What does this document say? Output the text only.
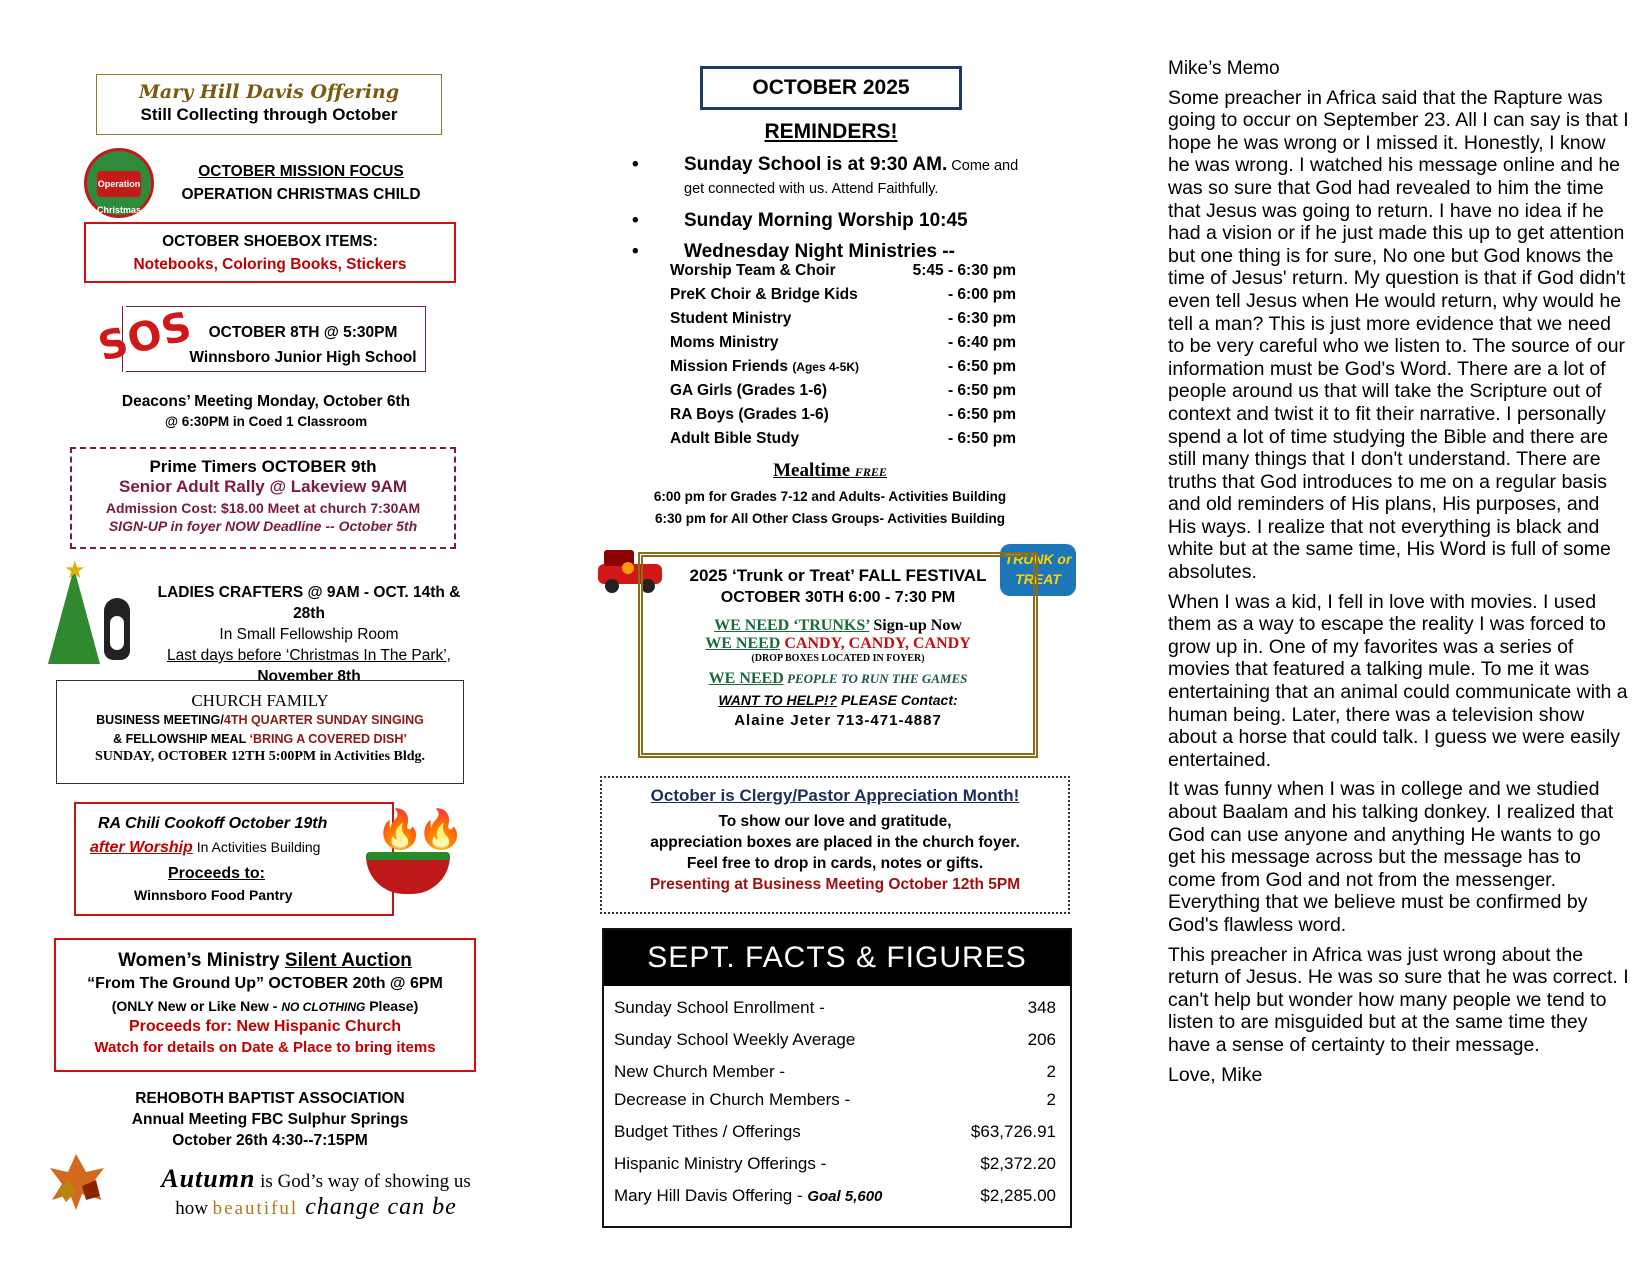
Mary Hill Davis Offering
Still Collecting through October
Operation Christmas Child
OCTOBER MISSION FOCUS
OPERATION CHRISTMAS CHILD
OCTOBER SHOEBOX ITEMS:
Notebooks, Coloring Books, Stickers
SOS OCTOBER 8TH @ 5:30PM
Winnsboro Junior High School
Deacons’ Meeting Monday, October 6th
@ 6:30PM in Coed 1 Classroom
Prime Timers OCTOBER 9th
Senior Adult Rally @ Lakeview 9AM
Admission Cost: $18.00 Meet at church 7:30AM
SIGN-UP in foyer NOW Deadline -- October 5th
★
LADIES CRAFTERS @ 9AM - OCT. 14th & 28th
In Small Fellowship Room
Last days before ‘Christmas In The Park’,
November 8th
CHURCH FAMILY
BUSINESS MEETING/4TH QUARTER SUNDAY SINGING
& FELLOWSHIP MEAL ‘BRING A COVERED DISH’
SUNDAY, OCTOBER 12TH 5:00PM in Activities Bldg.
RA Chili Cookoff October 19th
after Worship In Activities Building
Proceeds to:
Winnsboro Food Pantry
🔥🔥
Women’s Ministry Silent Auction
“From The Ground Up” OCTOBER 20th @ 6PM
(ONLY New or Like New - NO CLOTHING Please)
Proceeds for: New Hispanic Church
Watch for details on Date & Place to bring items
REHOBOTH BAPTIST ASSOCIATION
Annual Meeting FBC Sulphur Springs
October 26th 4:30--7:15PM
Autumn is God’s way of showing us
how beautiful change can be
OCTOBER 2025
REMINDERS!
• Sunday School is at 9:30 AM. Come and get connected with us. Attend Faithfully.
• Sunday Morning Worship 10:45
• Wednesday Night Ministries --
Worship Team & Choir	5:45 - 6:30 pm
PreK Choir & Bridge Kids	- 6:00 pm
Student Ministry	- 6:30 pm
Moms Ministry	- 6:40 pm
Mission Friends (Ages 4-5K)	- 6:50 pm
GA Girls (Grades 1-6)	- 6:50 pm
RA Boys (Grades 1-6)	- 6:50 pm
Adult Bible Study	- 6:50 pm
Mealtime FREE
6:00 pm for Grades 7-12 and Adults- Activities Building
6:30 pm for All Other Class Groups- Activities Building
TRUNK or TREAT
2025 ‘Trunk or Treat’ FALL FESTIVAL
OCTOBER 30TH 6:00 - 7:30 PM
WE NEED ‘TRUNKS’ Sign-up Now
WE NEED CANDY, CANDY, CANDY
(DROP BOXES LOCATED IN FOYER)
WE NEED PEOPLE TO RUN THE GAMES
WANT TO HELP!? PLEASE Contact:
Alaine Jeter 713-471-4887
October is Clergy/Pastor Appreciation Month!
To show our love and gratitude,
appreciation boxes are placed in the church foyer.
Feel free to drop in cards, notes or gifts.
Presenting at Business Meeting October 12th 5PM
SEPT. FACTS & FIGURES
Sunday School Enrollment -	348
Sunday School Weekly Average	206
New Church Member -	2
Decrease in Church Members -	2
Budget Tithes / Offerings	$63,726.91
Hispanic Ministry Offerings -	$2,372.20
Mary Hill Davis Offering - Goal 5,600	$2,285.00
Mike’s Memo

Some preacher in Africa said that the Rapture was going to occur on September 23. All I can say is that I hope he was wrong or I missed it. Honestly, I know he was wrong. I watched his message online and he was so sure that God had revealed to him the time that Jesus was going to return. I have no idea if he had a vision or if he just made this up to get attention but one thing is for sure, No one but God knows the time of Jesus' return. My question is that if God didn't even tell Jesus when He would return, why would he tell a man? This is just more evidence that we need to be very careful who we listen to. The source of our information must be God's Word. There are a lot of people around us that will take the Scripture out of context and twist it to fit their narrative. I personally spend a lot of time studying the Bible and there are still many things that I don't understand. There are truths that God introduces to me on a regular basis and old reminders of His plans, His purposes, and His ways. I realize that not everything is black and white but at the same time, His Word is full of some absolutes.

When I was a kid, I fell in love with movies. I used them as a way to escape the reality I was forced to grow up in. One of my favorites was a series of movies that featured a talking mule. To me it was entertaining that an animal could communicate with a human being. Later, there was a television show about a horse that could talk. I guess we were easily entertained.

It was funny when I was in college and we studied about Baalam and his talking donkey. I realized that God can use anyone and anything He wants to go get his message across but the message has to come from God and not from the messenger. Everything that we believe must be confirmed by God's flawless word.

This preacher in Africa was just wrong about the return of Jesus. He was so sure that he was correct. I can't help but wonder how many people we tend to listen to are misguided but at the same time they have a sense of certainty to their message.

Love, Mike
